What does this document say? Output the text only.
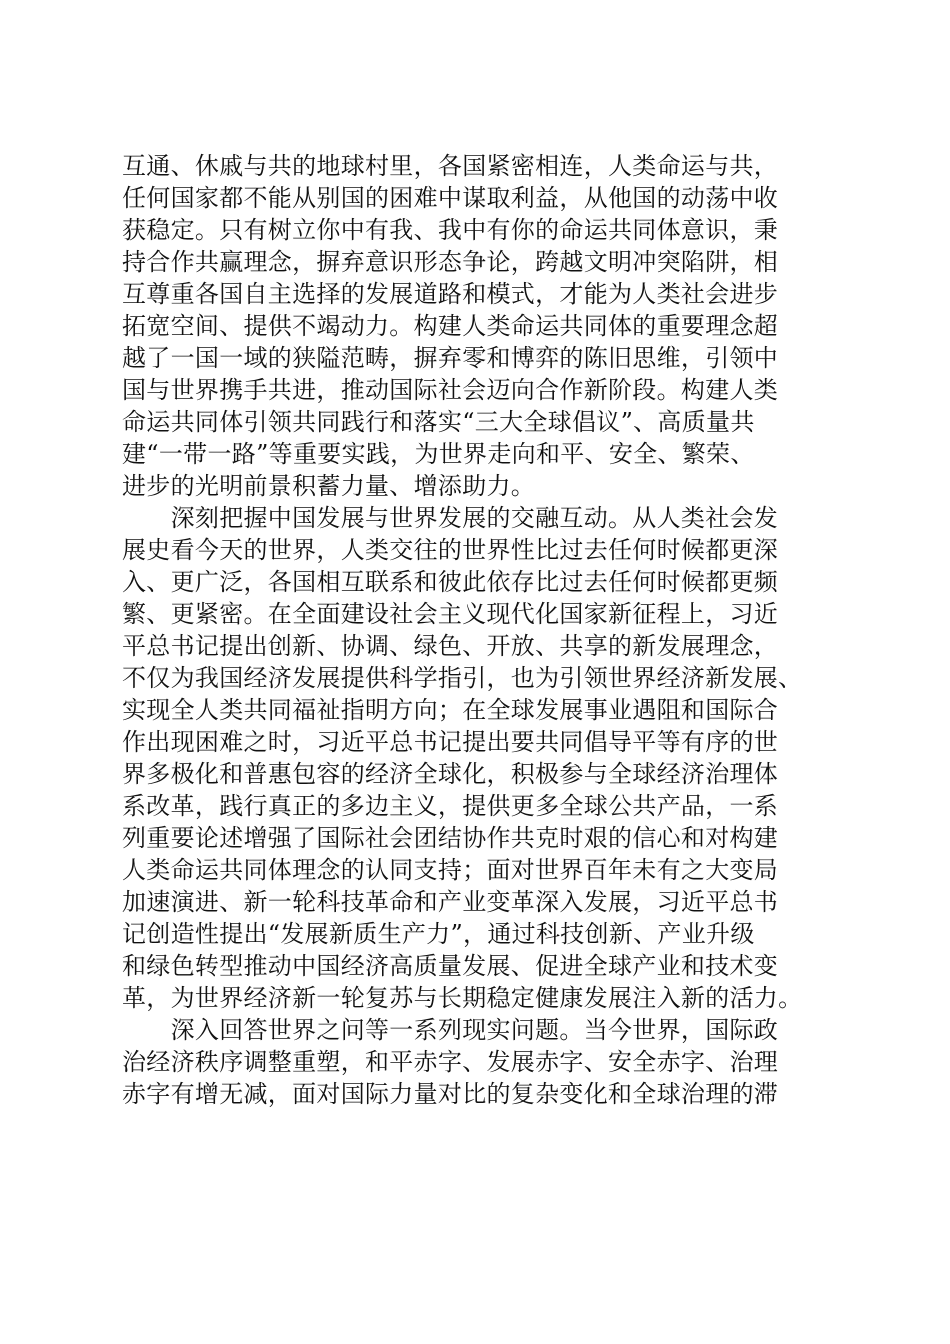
互通、休戚与共的地球村里，各国紧密相连，人类命运与共，
任何国家都不能从别国的困难中谋取利益，从他国的动荡中收
获稳定。只有树立你中有我、我中有你的命运共同体意识，秉
持合作共赢理念，摒弃意识形态争论，跨越文明冲突陷阱，相
互尊重各国自主选择的发展道路和模式，才能为人类社会进步
拓宽空间、提供不竭动力。构建人类命运共同体的重要理念超
越了一国一域的狭隘范畴，摒弃零和博弈的陈旧思维，引领中
国与世界携手共进，推动国际社会迈向合作新阶段。构建人类
命运共同体引领共同践行和落实“三大全球倡议”、高质量共
建“一带一路”等重要实践，为世界走向和平、安全、繁荣、
进步的光明前景积蓄力量、增添助力。
　　深刻把握中国发展与世界发展的交融互动。从人类社会发
展史看今天的世界，人类交往的世界性比过去任何时候都更深
入、更广泛，各国相互联系和彼此依存比过去任何时候都更频
繁、更紧密。在全面建设社会主义现代化国家新征程上，习近
平总书记提出创新、协调、绿色、开放、共享的新发展理念，
不仅为我国经济发展提供科学指引，也为引领世界经济新发展、
实现全人类共同福祉指明方向；在全球发展事业遇阻和国际合
作出现困难之时，习近平总书记提出要共同倡导平等有序的世
界多极化和普惠包容的经济全球化，积极参与全球经济治理体
系改革，践行真正的多边主义，提供更多全球公共产品，一系
列重要论述增强了国际社会团结协作共克时艰的信心和对构建
人类命运共同体理念的认同支持；面对世界百年未有之大变局
加速演进、新一轮科技革命和产业变革深入发展，习近平总书
记创造性提出“发展新质生产力”，通过科技创新、产业升级
和绿色转型推动中国经济高质量发展、促进全球产业和技术变
革，为世界经济新一轮复苏与长期稳定健康发展注入新的活力。
　　深入回答世界之问等一系列现实问题。当今世界，国际政
治经济秩序调整重塑，和平赤字、发展赤字、安全赤字、治理
赤字有增无减，面对国际力量对比的复杂变化和全球治理的滞
